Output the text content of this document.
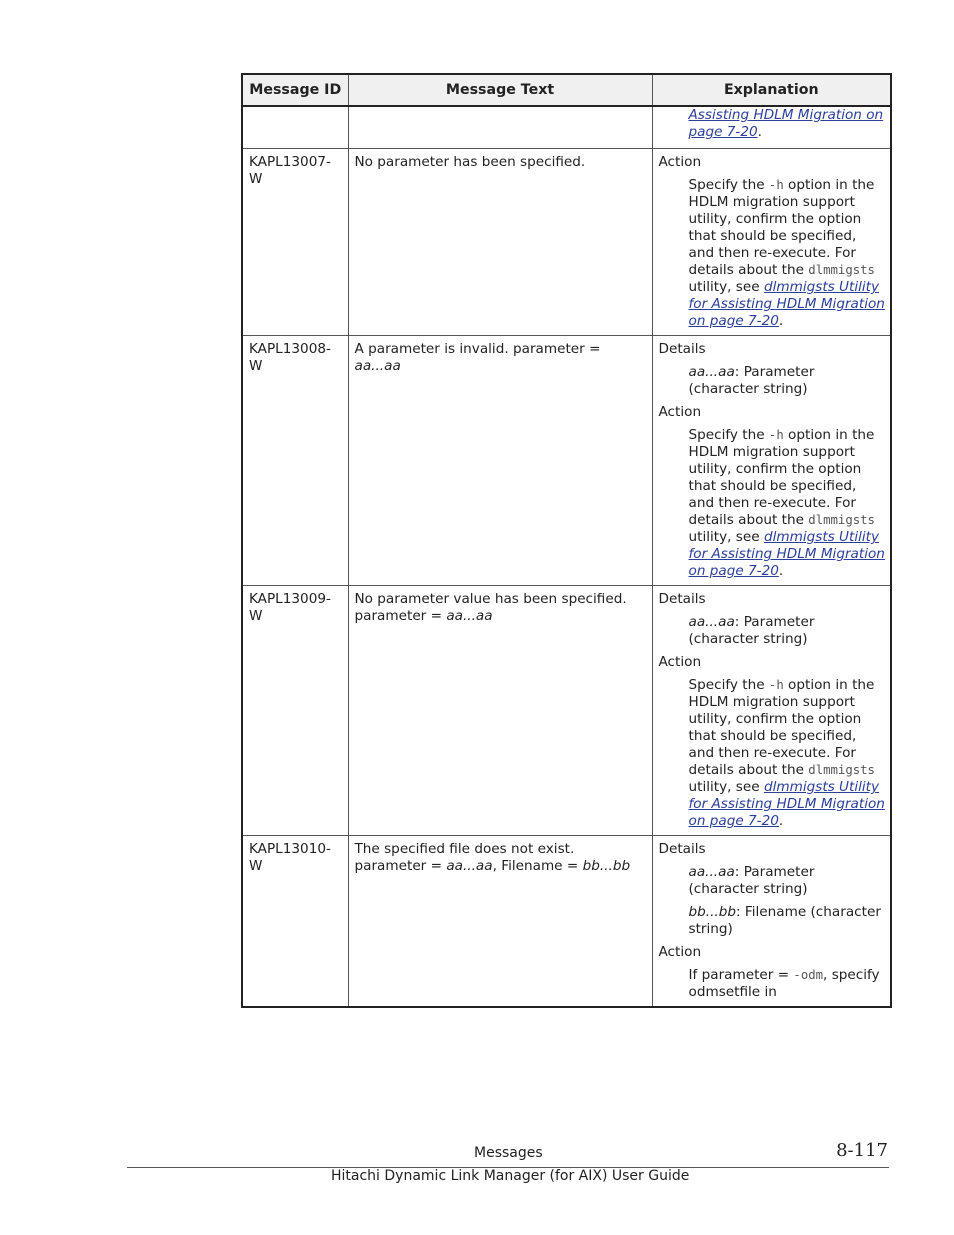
Message ID	Message Text	Explanation

		Assisting HDLM Migration on page 7-20.

KAPL13007-W	No parameter has been specified.	Action
Specify the -h option in the HDLM migration support utility, confirm the option that should be specified, and then re-execute. For details about the dlmmigsts utility, see dlmmigsts Utility for Assisting HDLM Migration on page 7-20.

KAPL13008-W	A parameter is invalid. parameter = aa...aa	Details
aa...aa: Parameter (character string)
Action
Specify the -h option in the HDLM migration support utility, confirm the option that should be specified, and then re-execute. For details about the dlmmigsts utility, see dlmmigsts Utility for Assisting HDLM Migration on page 7-20.

KAPL13009-W	No parameter value has been specified. parameter = aa...aa	Details
aa...aa: Parameter (character string)
Action
Specify the -h option in the HDLM migration support utility, confirm the option that should be specified, and then re-execute. For details about the dlmmigsts utility, see dlmmigsts Utility for Assisting HDLM Migration on page 7-20.

KAPL13010-W	The specified file does not exist. parameter = aa...aa, Filename = bb...bb	Details
aa...aa: Parameter (character string)
bb...bb: Filename (character string)
Action
If parameter = -odm, specify odmsetfile in
Messages	8-117
Hitachi Dynamic Link Manager (for AIX) User Guide
